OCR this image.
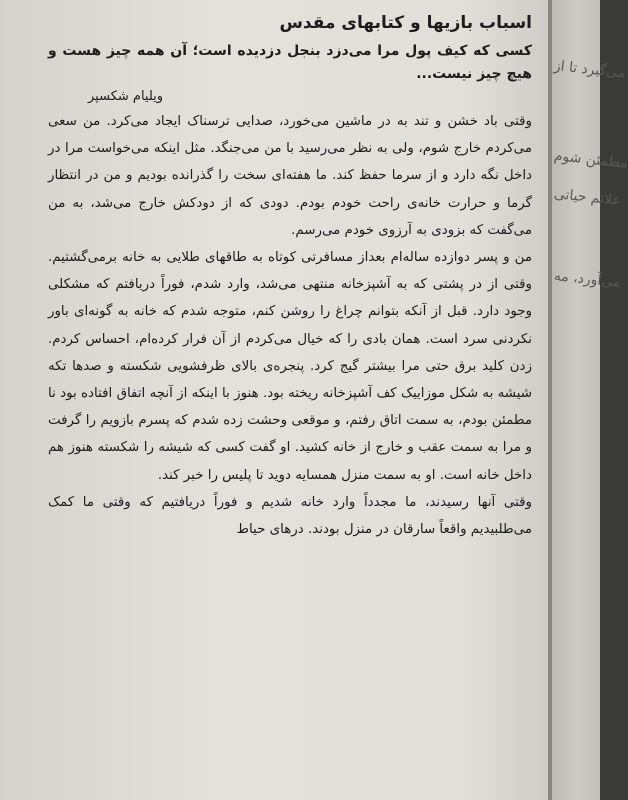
اسباب بازیها و کتابهای مقدس

کسی که کیف پول مرا می‌دزد بنجل دزدیده است؛ آن همه چیز هست و هیچ چیز نیست...

ویلیام شکسپر

وقتی باد خشن و تند به در ماشین می‌خورد، صدایی ترسناک ایجاد می‌کرد. من سعی می‌کردم خارج شوم، ولی به نظر می‌رسید با من می‌جنگد. مثل اینکه می‌خواست مرا در داخل نگه دارد و از سرما حفظ کند. ما هفته‌ای سخت را گذرانده بودیم و من در انتظار گرما و حرارت خانه‌ی راحت خودم بودم. دودی که از دودکش خارج می‌شد، به من می‌گفت که بزودی به آرزوی خودم می‌رسم.

من و پسر دوازده ساله‌ام بعداز مسافرتی کوتاه به طاقهای طلایی به خانه برمی‌گشتیم. وقتی از در پشتی که به آشپزخانه منتهی می‌شد، وارد شدم، فوراً دریافتم که مشکلی وجود دارد. قبل از آنکه بتوانم چراغ را روشن کنم، متوجه شدم که خانه به گونه‌ای باور نکردنی سرد است. همان بادی را که خیال می‌کردم از آن فرار کرده‌ام، احساس کردم. زدن کلید برق حتی مرا بیشتر گیج کرد. پنجره‌ی بالای ظرفشویی شکسته و صدها تکه شیشه به شکل موزاییک کف آشپزخانه ریخته بود. هنوز با اینکه از آنچه اتفاق افتاده بود نا مطمئن بودم، به سمت اتاق رفتم، و موقعی وحشت زده شدم که پسرم بازویم را گرفت و مرا به سمت عقب و خارج از خانه کشید. او گفت کسی که شیشه را شکسته هنوز هم داخل خانه است. او به سمت منزل همسایه دوید تا پلیس را خبر کند.

وقتی آنها رسیدند، ما مجدداً وارد خانه شدیم و فوراً دریافتیم که وقتی ما کمک می‌طلبیدیم واقعاً سارقان در منزل بودند. درهای حیاط

می‌گیرد تا از
مطمئن شوم
علائم حیاتی
می‌آورد، مه
